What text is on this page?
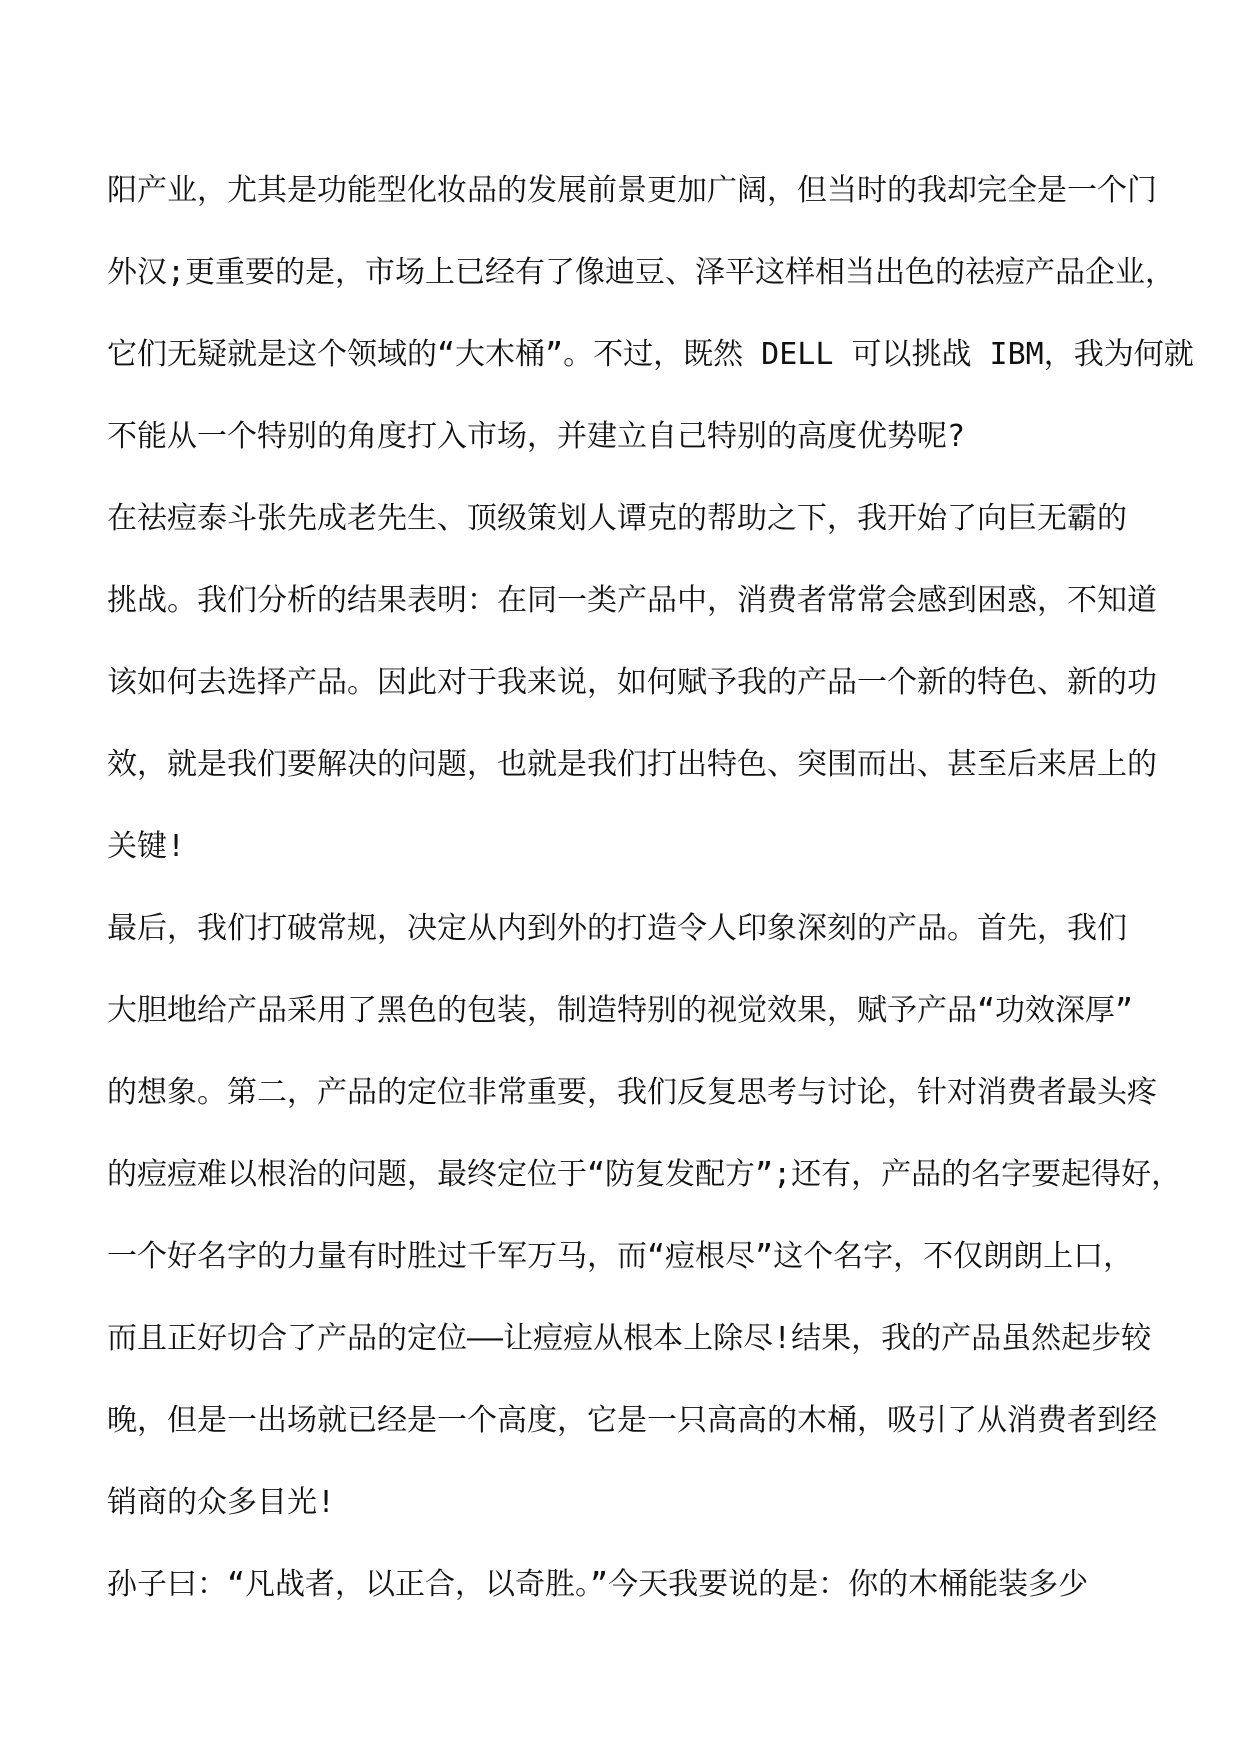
阳产业，尤其是功能型化妆品的发展前景更加广阔，但当时的我却完全是一个门
外汉;更重要的是，市场上已经有了像迪豆、泽平这样相当出色的祛痘产品企业，
它们无疑就是这个领域的“大木桶”。不过，既然 DELL 可以挑战 IBM，我为何就
不能从一个特别的角度打入市场，并建立自己特别的高度优势呢?
在祛痘泰斗张先成老先生、顶级策划人谭克的帮助之下，我开始了向巨无霸的
挑战。我们分析的结果表明：在同一类产品中，消费者常常会感到困惑，不知道
该如何去选择产品。因此对于我来说，如何赋予我的产品一个新的特色、新的功
效，就是我们要解决的问题，也就是我们打出特色、突围而出、甚至后来居上的
关键!
最后，我们打破常规，决定从内到外的打造令人印象深刻的产品。首先，我们
大胆地给产品采用了黑色的包装，制造特别的视觉效果，赋予产品“功效深厚”
的想象。第二，产品的定位非常重要，我们反复思考与讨论，针对消费者最头疼
的痘痘难以根治的问题，最终定位于“防复发配方”;还有，产品的名字要起得好，
一个好名字的力量有时胜过千军万马，而“痘根尽”这个名字，不仅朗朗上口，
而且正好切合了产品的定位——让痘痘从根本上除尽!结果，我的产品虽然起步较
晚，但是一出场就已经是一个高度，它是一只高高的木桶，吸引了从消费者到经
销商的众多目光!
孙子曰：“凡战者，以正合，以奇胜。”今天我要说的是：你的木桶能装多少
